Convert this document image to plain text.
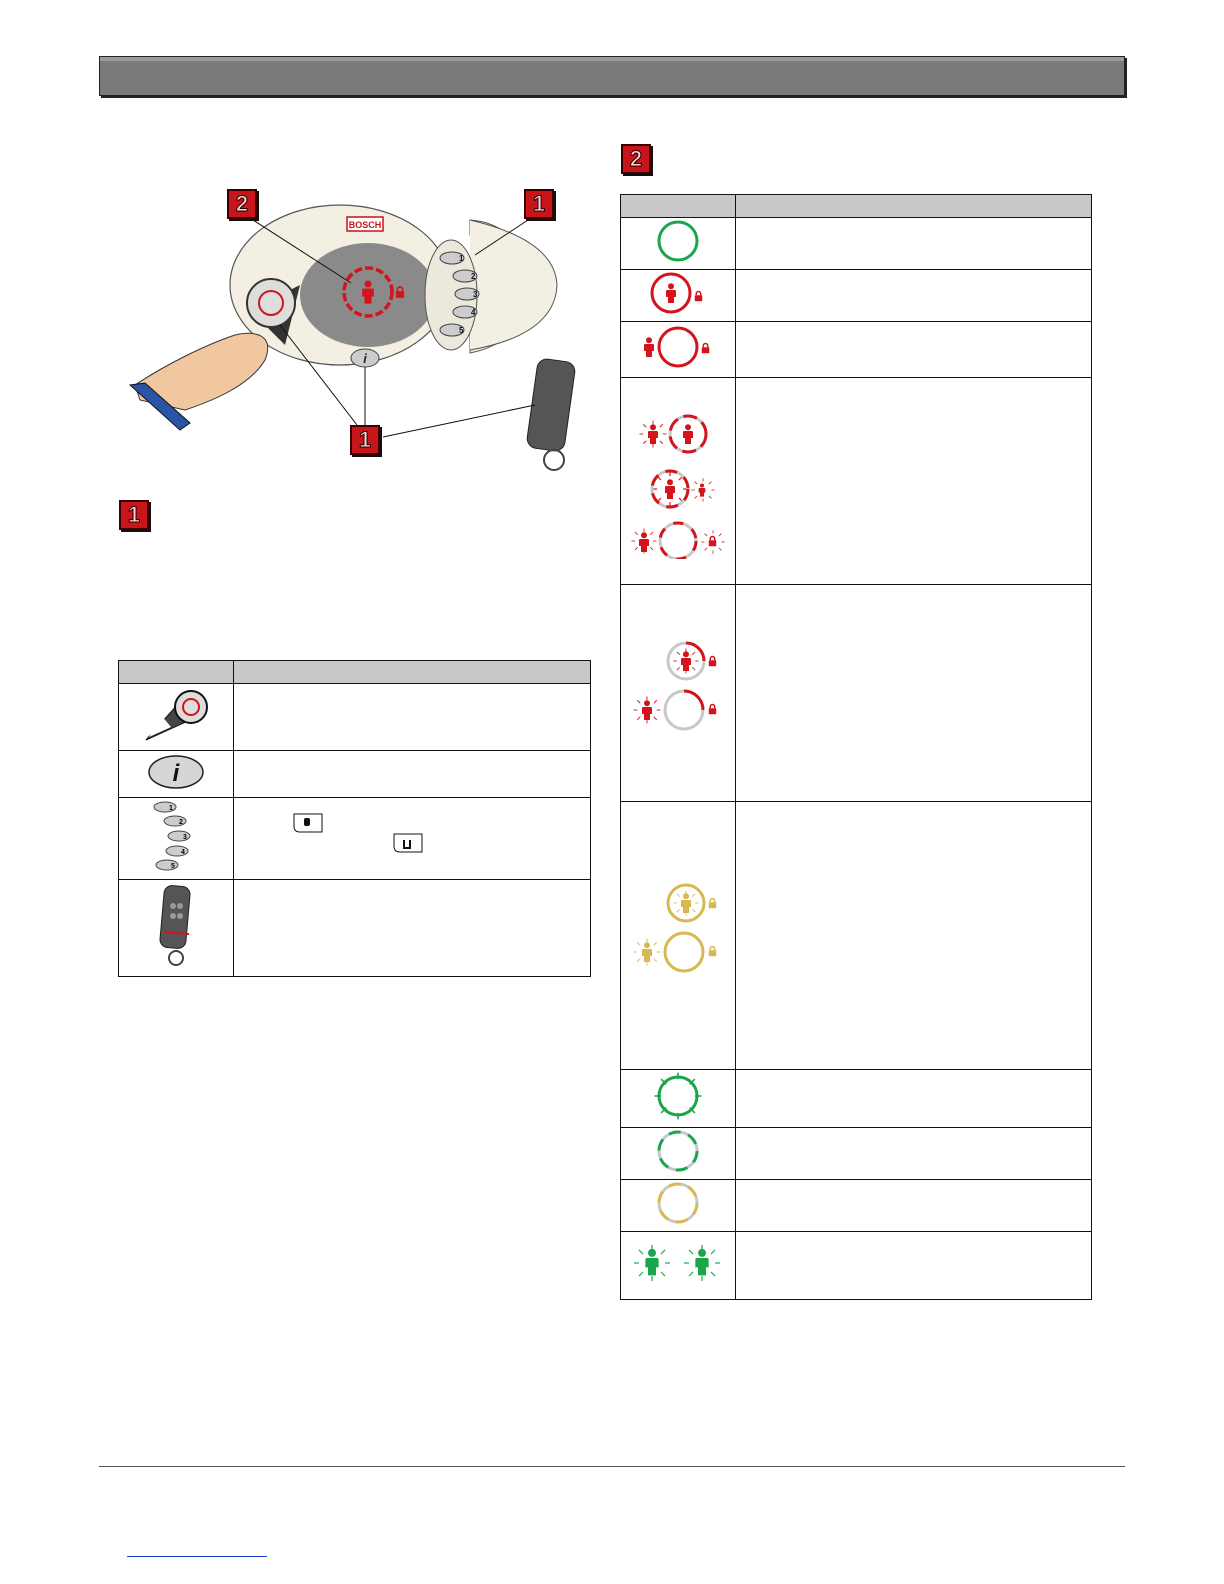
BOSCH
1
2
3
4
5
i
2	1
1
1
2

i	

1
2
3
4
5
